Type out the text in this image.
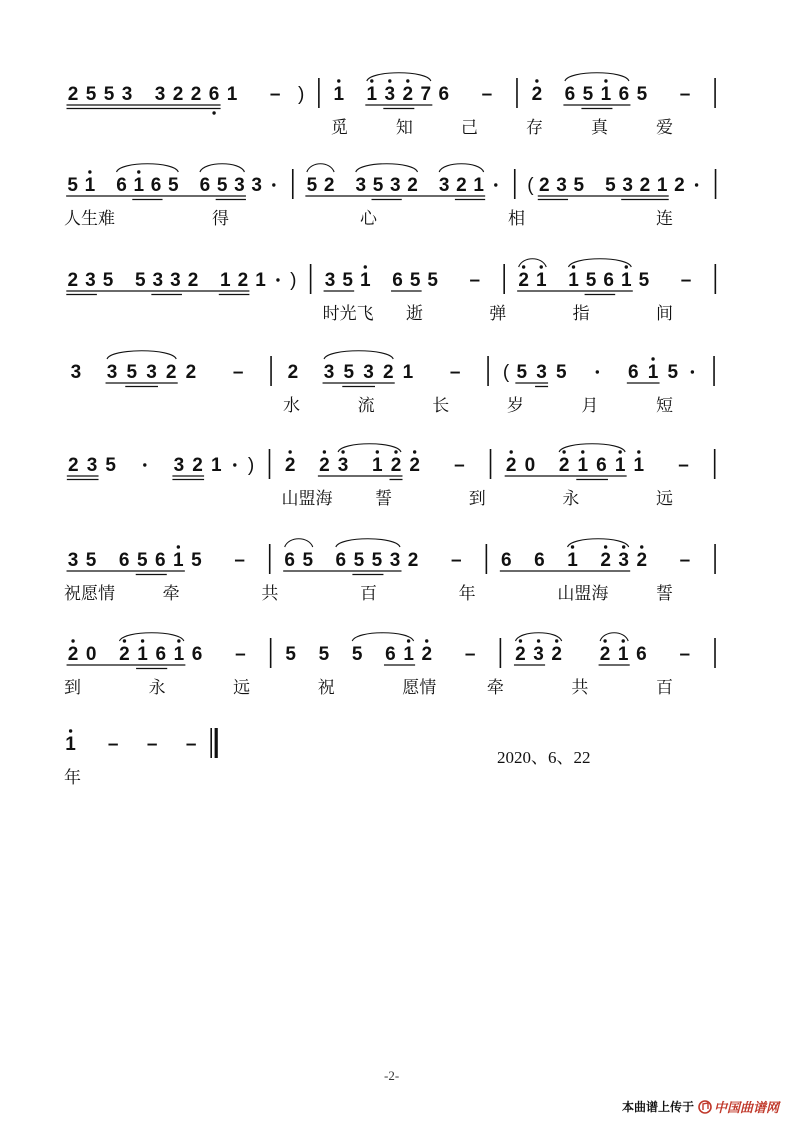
2 5 5 3 3 2 2 6 1 – ) 1 1 3 2 7 6 – 2 6 5 1 6 5 –
觅	知	己	存	真	爱
5 1 6 1 6 5 6 5 3 3 5 2 3 5 3 2 3 2 1 ( 2 3 5 5 3 2 1 2
人生难	得	心	相	连
2 3 5 5 3 3 2 1 2 1 ) 3 5 1 6 5 5 – 2 1 1 5 6 1 5 –
时光飞 逝	弹	指	间
3 3 5 3 2 2 – 2 3 5 3 2 1 – ( 5 3 5	6 1 5
水	流	长	岁	月	短
2 3 5	3 2 1 ) 2 2 3 1 2 2 – 2 0 2 1 6 1 1 –
山盟海	誓	到	永	远
3 5 6 5 6 1 5 – 6 5 6 5 5 3 2 – 6 6 1 2 3 2 –
祝愿情	牵	共	百	年	山盟海	誓
2 0 2 1 6 1 6 – 5 5 5 6 1 2 – 2 3 2 2 1 6 –
到	永	远	祝	愿情	牵	共	百
1 – – –
年
2020、6、22
-2-
本曲谱上传于 中国曲谱网
